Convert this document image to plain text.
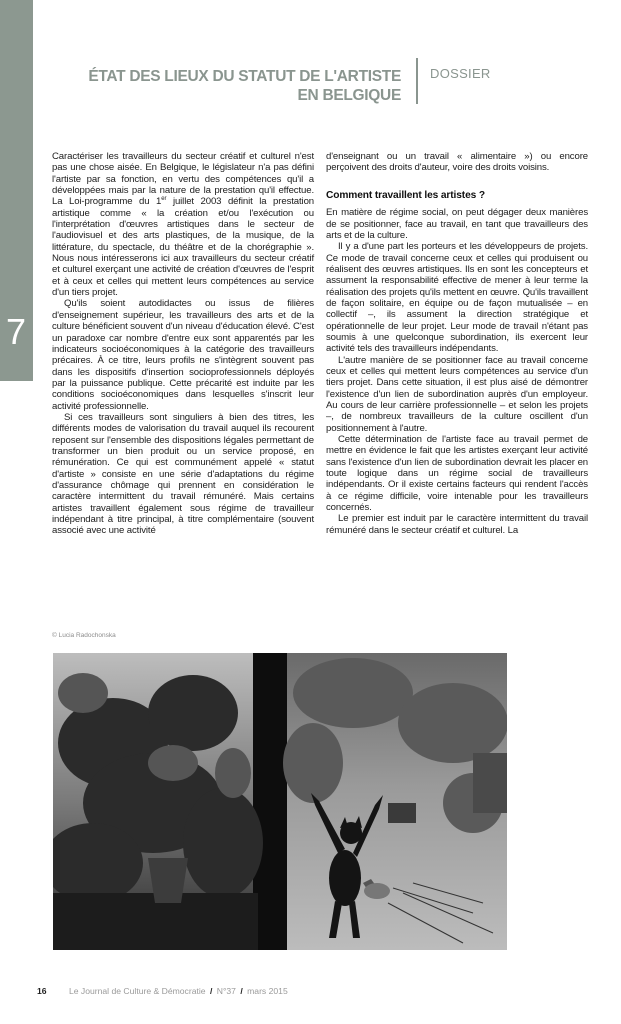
7
ÉTAT DES LIEUX DU STATUT DE L'ARTISTE
EN BELGIQUE
DOSSIER

Caractériser les travailleurs du secteur créatif et culturel n'est pas une chose aisée. En Belgique, le législateur n'a pas défini l'artiste par sa fonction, en vertu des compétences qu'il a développées mais par la nature de la prestation qu'il effectue. La Loi-programme du 1er juillet 2003 définit la prestation artistique comme « la création et/ou l'exécution ou l'interprétation d'œuvres artistiques dans le secteur de l'audiovisuel et des arts plastiques, de la musique, de la littérature, du spectacle, du théâtre et de la chorégraphie ». Nous nous intéresserons ici aux travailleurs du secteur créatif et culturel exerçant une activité de création d'œuvres de l'esprit et à ceux et celles qui mettent leurs compétences au service d'un tiers projet.

Qu'ils soient autodidactes ou issus de filières d'enseignement supérieur, les travailleurs des arts et de la culture bénéficient souvent d'un niveau d'éducation élevé. C'est un paradoxe car nombre d'entre eux sont apparentés par les indicateurs socioéconomiques à la catégorie des travailleurs précaires. À ce titre, leurs profils ne s'intègrent souvent pas dans les dispositifs d'insertion socioprofessionnels déployés par la puissance publique. Cette précarité est induite par les conditions socioéconomiques dans lesquelles s'inscrit leur activité professionnelle.

Si ces travailleurs sont singuliers à bien des titres, les différents modes de valorisation du travail auquel ils recourent reposent sur l'ensemble des dispositions légales permettant de transformer un bien produit ou un service proposé, en rémunération. Ce qui est communément appelé « statut d'artiste » consiste en une série d'adaptations du régime d'assurance chômage qui prennent en considération le caractère intermittent du travail rémunéré. Mais certains artistes travaillent également sous régime de travailleur indépendant à titre principal, à titre complémentaire (souvent associé avec une activité

d'enseignant ou un travail « alimentaire ») ou encore perçoivent des droits d'auteur, voire des droits voisins.

Comment travaillent les artistes ?

En matière de régime social, on peut dégager deux manières de se positionner, face au travail, en tant que travailleurs des arts et de la culture.

Il y a d'une part les porteurs et les développeurs de projets. Ce mode de travail concerne ceux et celles qui produisent ou réalisent des œuvres artistiques. Ils en sont les concepteurs et assument la responsabilité effective de mener à leur terme la réalisation des projets qu'ils mettent en œuvre. Qu'ils travaillent de façon solitaire, en équipe ou de façon mutualisée – en collectif –, ils assument la direction stratégique et opérationnelle de leur projet. Leur mode de travail n'étant pas soumis à une quelconque subordination, ils exercent leur activité tels des travailleurs indépendants.

L'autre manière de se positionner face au travail concerne ceux et celles qui mettent leurs compétences au service d'un tiers projet. Dans cette situation, il est plus aisé de démontrer l'existence d'un lien de subordination auprès d'un employeur. Au cours de leur carrière professionnelle – et selon les projets –, de nombreux travailleurs de la culture oscillent d'un positionnement à l'autre.

Cette détermination de l'artiste face au travail permet de mettre en évidence le fait que les artistes exerçant leur activité sans l'existence d'un lien de subordination devrait les placer en toute logique dans un régime social de travailleurs indépendants. Or il existe certains facteurs qui rendent l'accès à ce régime difficile, voire intenable pour les travailleurs concernés.

Le premier est induit par le caractère intermittent du travail rémunéré dans le secteur créatif et culturel. La

© Lucia Radochonska
16	Le Journal de Culture & Démocratie / N°37 / mars 2015
